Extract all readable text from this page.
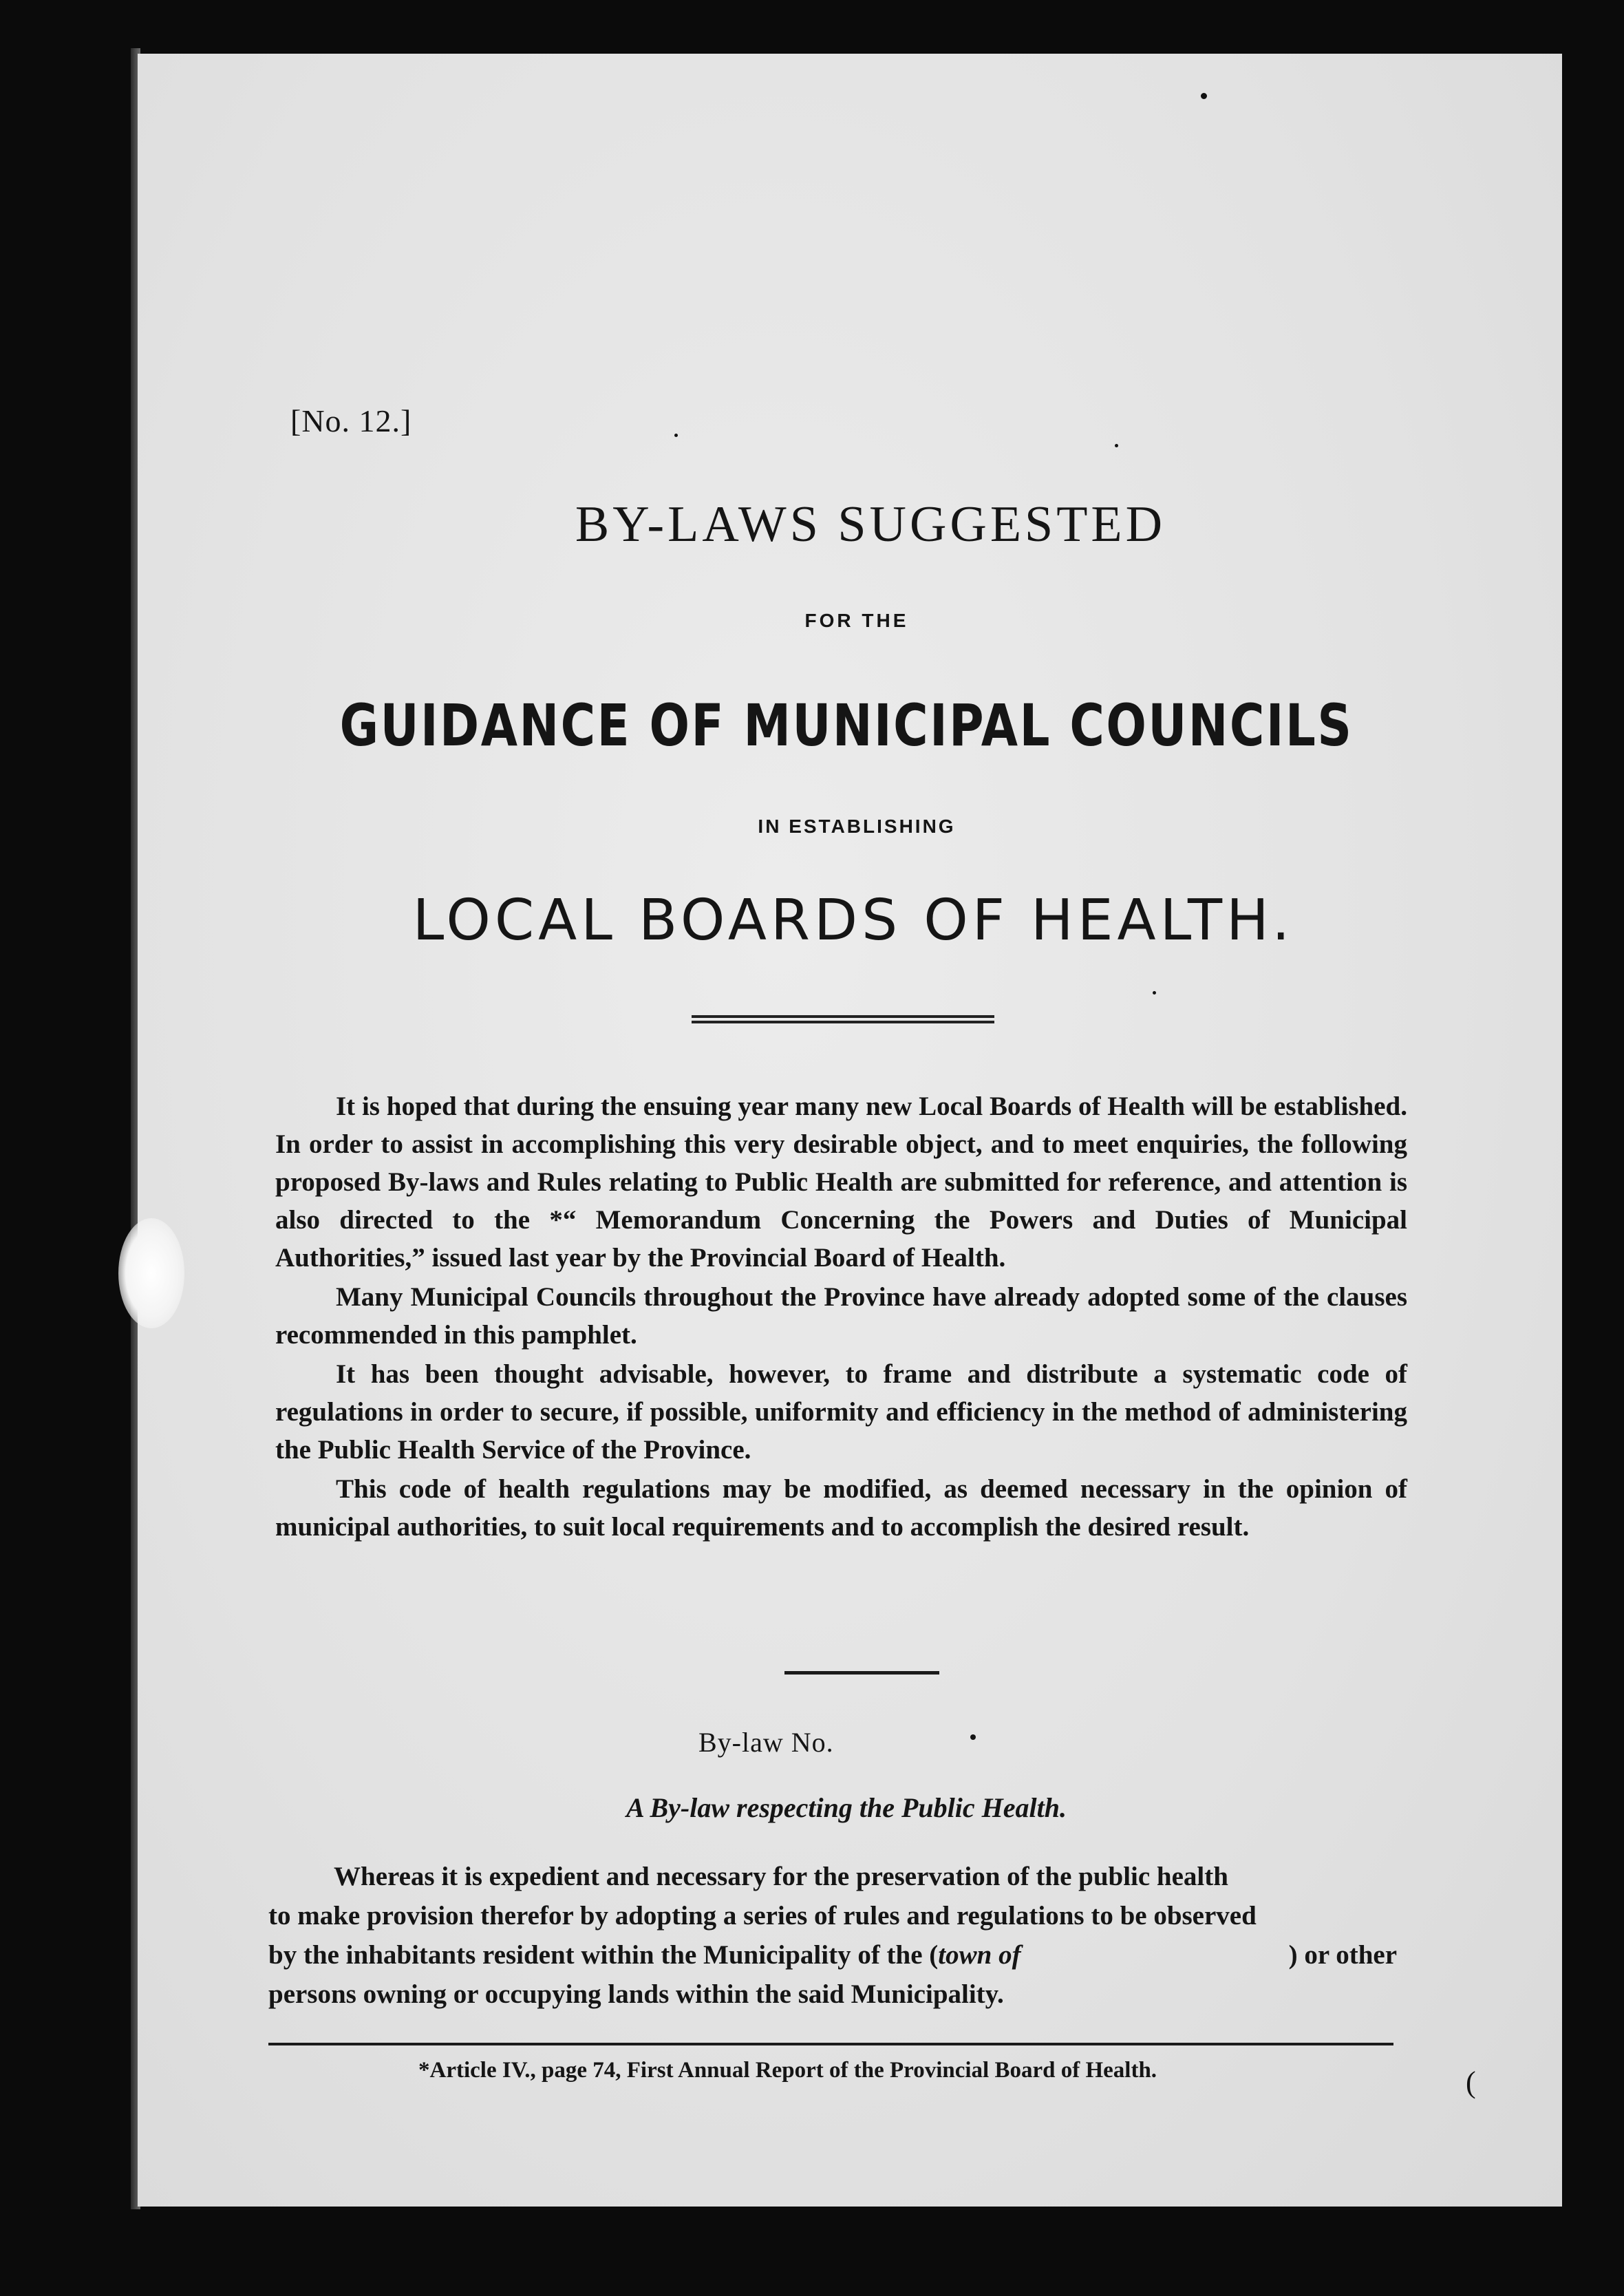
(
[No. 12.]
BY-LAWS SUGGESTED
FOR THE
GUIDANCE OF MUNICIPAL COUNCILS
IN ESTABLISHING
LOCAL BOARDS OF HEALTH.

It is hoped that during the ensuing year many new Local Boards of Health will be established. In order to assist in accomplishing this very desirable object, and to meet enquiries, the following proposed By-laws and Rules relating to Public Health are submitted for reference, and attention is also directed to the *“ Memorandum Concerning the Powers and Duties of Municipal Authorities,” issued last year by the Provincial Board of Health.

Many Municipal Councils throughout the Province have already adopted some of the clauses recommended in this pamphlet.

It has been thought advisable, however, to frame and distribute a systematic code of regulations in order to secure, if possible, uniformity and efficiency in the method of administering the Public Health Service of the Province.

This code of health regulations may be modified, as deemed necessary in the opinion of municipal authorities, to suit local requirements and to accomplish the desired result.

By-law No.
A By-law respecting the Public Health.
Whereas it is expedient and necessary for the preservation of the public health
to make provision therefor by adopting a series of rules and regulations to be observed
by the inhabitants resident within the Municipality of the (town of	) or other
persons owning or occupying lands within the said Municipality.
*Article IV., page 74, First Annual Report of the Provincial Board of Health.
